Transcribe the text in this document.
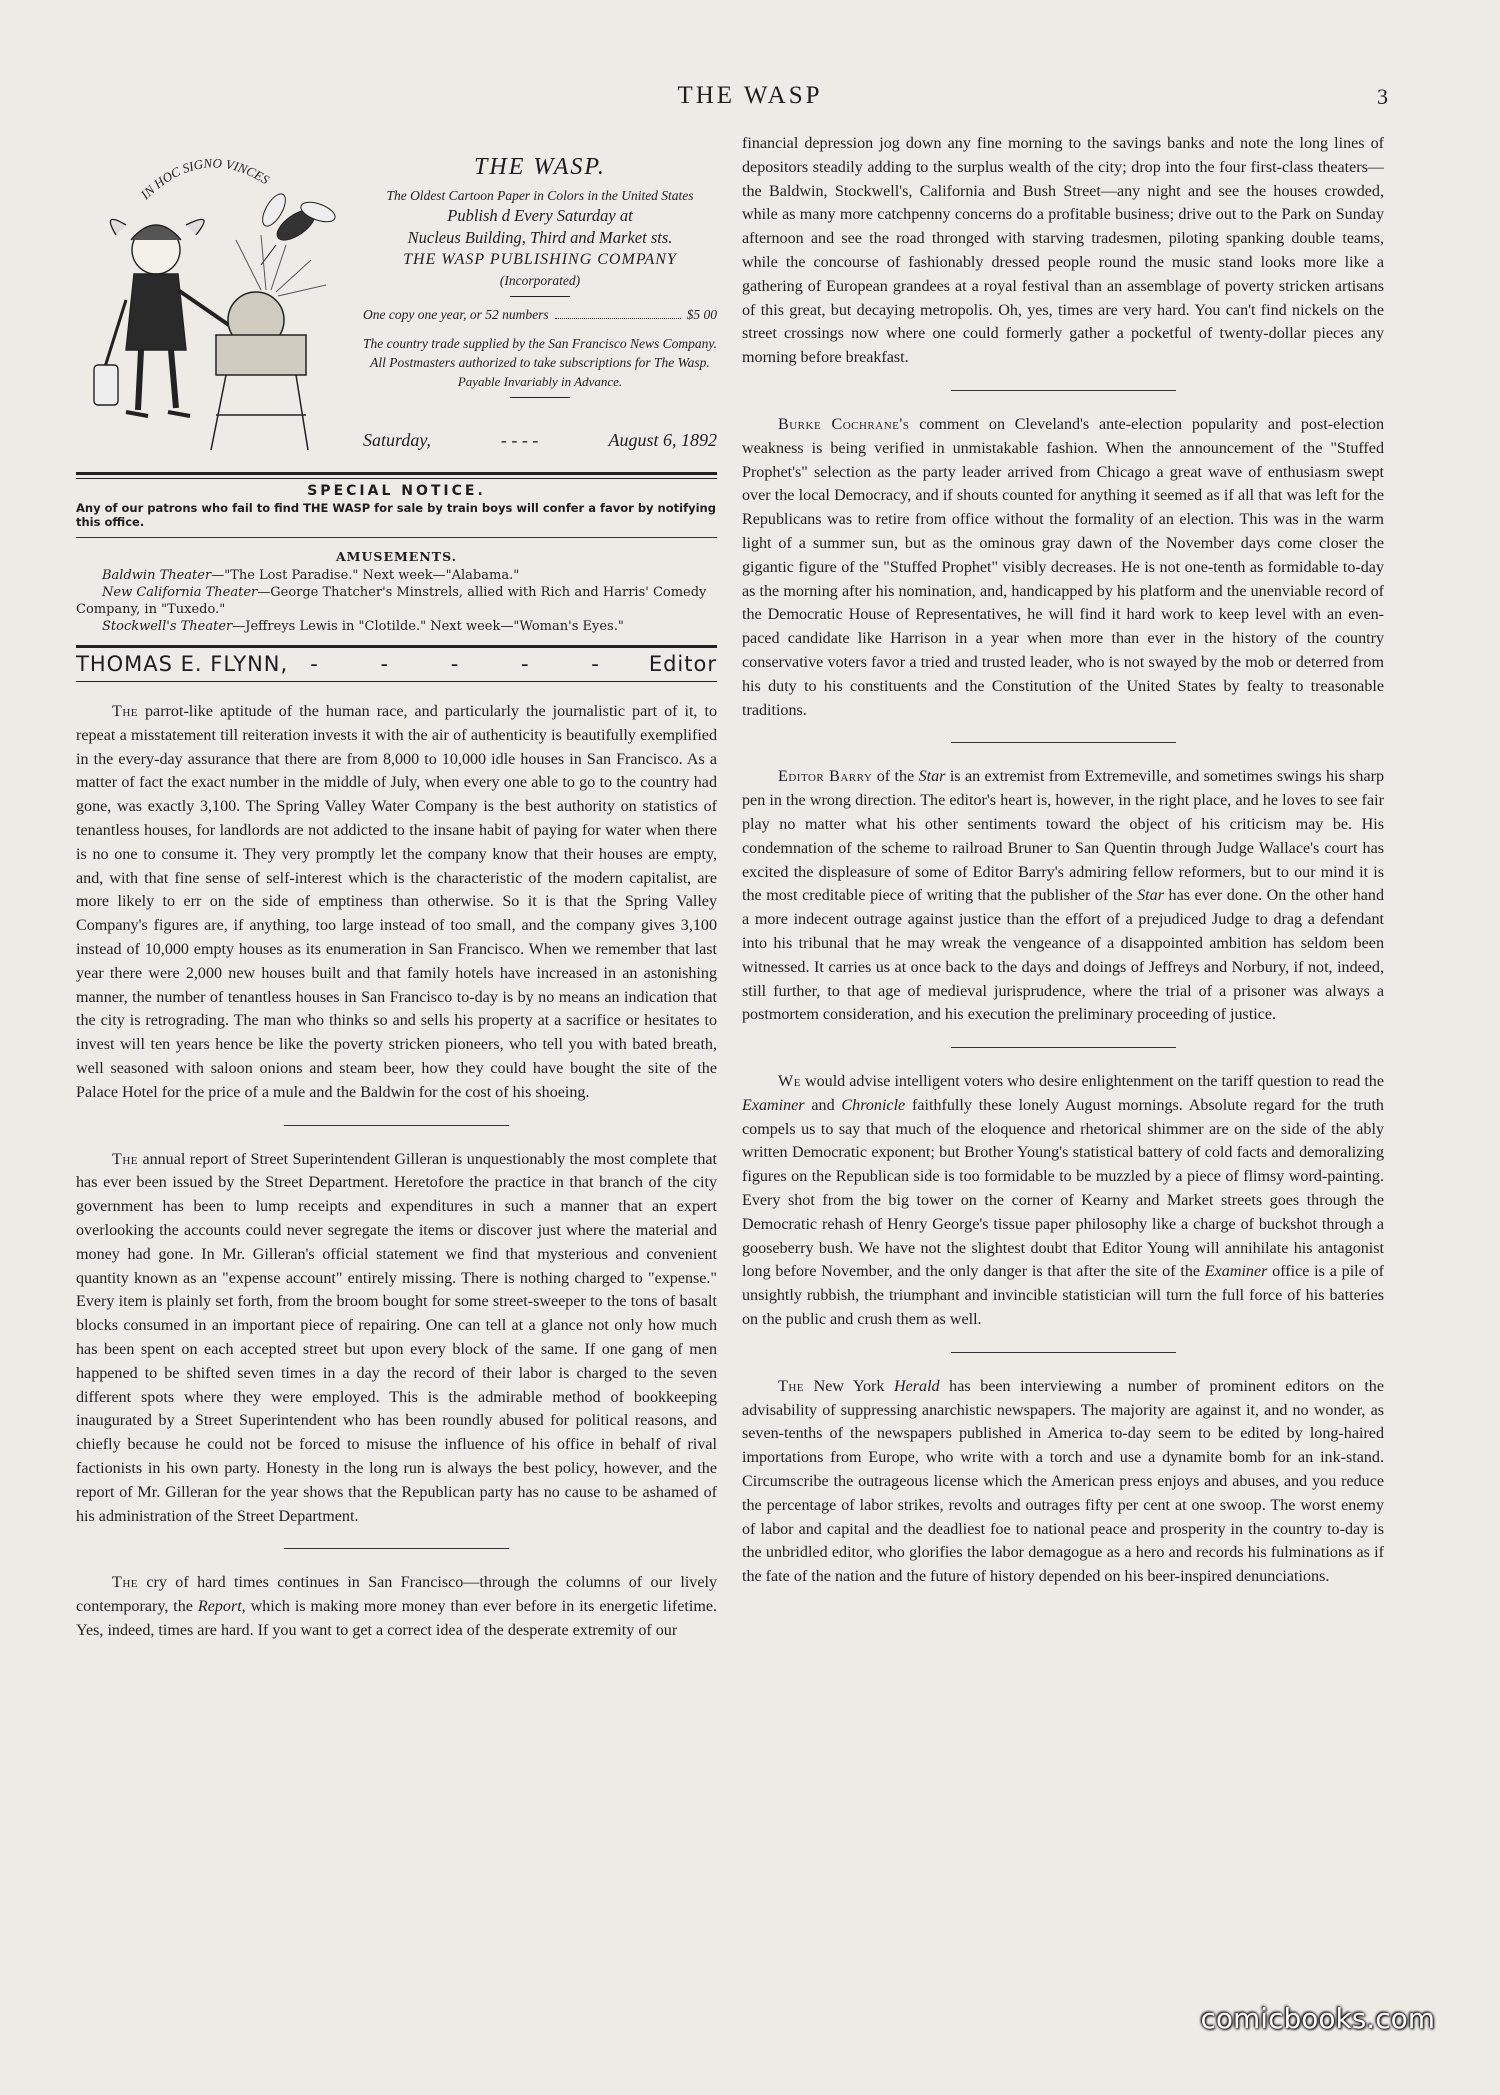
THE WASP	3
IN HOC SIGNO VINCES	THE WASP.
The Oldest Cartoon Paper in Colors in the United States
Publish d Every Saturday at
Nucleus Building, Third and Market sts.
THE WASP PUBLISHING COMPANY
(Incorporated)
One copy one year, or 52 numbers	$5 00
The country trade supplied by the San Francisco News Company. All Postmasters authorized to take subscriptions for The Wasp.
Payable Invariably in Advance.
Saturday,	- - - -	August 6, 1892
SPECIAL NOTICE.
Any of our patrons who fail to find THE WASP for sale by train boys will confer a favor by notifying this office.
AMUSEMENTS.
Baldwin Theater—"The Lost Paradise." Next week—"Alabama."
New California Theater—George Thatcher's Minstrels, allied with Rich and Harris' Comedy Company, in "Tuxedo."
Stockwell's Theater—Jeffreys Lewis in "Clotilde." Next week—"Woman's Eyes."
THOMAS E. FLYNN, - - - - - Editor

The parrot-like aptitude of the human race, and particularly the journalistic part of it, to repeat a misstatement till reiteration invests it with the air of authenticity is beautifully exemplified in the every-day assurance that there are from 8,000 to 10,000 idle houses in San Francisco. As a matter of fact the exact number in the middle of July, when every one able to go to the country had gone, was exactly 3,100. The Spring Valley Water Company is the best authority on statistics of tenantless houses, for landlords are not addicted to the insane habit of paying for water when there is no one to consume it. They very promptly let the company know that their houses are empty, and, with that fine sense of self-interest which is the characteristic of the modern capitalist, are more likely to err on the side of emptiness than otherwise. So it is that the Spring Valley Company's figures are, if anything, too large instead of too small, and the company gives 3,100 instead of 10,000 empty houses as its enumeration in San Francisco. When we remember that last year there were 2,000 new houses built and that family hotels have increased in an astonishing manner, the number of tenantless houses in San Francisco to-day is by no means an indication that the city is retrograding. The man who thinks so and sells his property at a sacrifice or hesitates to invest will ten years hence be like the poverty stricken pioneers, who tell you with bated breath, well seasoned with saloon onions and steam beer, how they could have bought the site of the Palace Hotel for the price of a mule and the Baldwin for the cost of his shoeing.

The annual report of Street Superintendent Gilleran is unquestionably the most complete that has ever been issued by the Street Department. Heretofore the practice in that branch of the city government has been to lump receipts and expenditures in such a manner that an expert overlooking the accounts could never segregate the items or discover just where the material and money had gone. In Mr. Gilleran's official statement we find that mysterious and convenient quantity known as an "expense account" entirely missing. There is nothing charged to "expense." Every item is plainly set forth, from the broom bought for some street-sweeper to the tons of basalt blocks consumed in an important piece of repairing. One can tell at a glance not only how much has been spent on each accepted street but upon every block of the same. If one gang of men happened to be shifted seven times in a day the record of their labor is charged to the seven different spots where they were employed. This is the admirable method of bookkeeping inaugurated by a Street Superintendent who has been roundly abused for political reasons, and chiefly because he could not be forced to misuse the influence of his office in behalf of rival factionists in his own party. Honesty in the long run is always the best policy, however, and the report of Mr. Gilleran for the year shows that the Republican party has no cause to be ashamed of his administration of the Street Department.

The cry of hard times continues in San Francisco—through the columns of our lively contemporary, the Report, which is making more money than ever before in its energetic lifetime. Yes, indeed, times are hard. If you want to get a correct idea of the desperate extremity of our

financial depression jog down any fine morning to the savings banks and note the long lines of depositors steadily adding to the surplus wealth of the city; drop into the four first-class theaters—the Baldwin, Stockwell's, California and Bush Street—any night and see the houses crowded, while as many more catchpenny concerns do a profitable business; drive out to the Park on Sunday afternoon and see the road thronged with starving tradesmen, piloting spanking double teams, while the concourse of fashionably dressed people round the music stand looks more like a gathering of European grandees at a royal festival than an assemblage of poverty stricken artisans of this great, but decaying metropolis. Oh, yes, times are very hard. You can't find nickels on the street crossings now where one could formerly gather a pocketful of twenty-dollar pieces any morning before breakfast.

Burke Cochrane's comment on Cleveland's ante-election popularity and post-election weakness is being verified in unmistakable fashion. When the announcement of the "Stuffed Prophet's" selection as the party leader arrived from Chicago a great wave of enthusiasm swept over the local Democracy, and if shouts counted for anything it seemed as if all that was left for the Republicans was to retire from office without the formality of an election. This was in the warm light of a summer sun, but as the ominous gray dawn of the November days come closer the gigantic figure of the "Stuffed Prophet" visibly decreases. He is not one-tenth as formidable to-day as the morning after his nomination, and, handicapped by his platform and the unenviable record of the Democratic House of Representatives, he will find it hard work to keep level with an even-paced candidate like Harrison in a year when more than ever in the history of the country conservative voters favor a tried and trusted leader, who is not swayed by the mob or deterred from his duty to his constituents and the Constitution of the United States by fealty to treasonable traditions.

Editor Barry of the Star is an extremist from Extremeville, and sometimes swings his sharp pen in the wrong direction. The editor's heart is, however, in the right place, and he loves to see fair play no matter what his other sentiments toward the object of his criticism may be. His condemnation of the scheme to railroad Bruner to San Quentin through Judge Wallace's court has excited the displeasure of some of Editor Barry's admiring fellow reformers, but to our mind it is the most creditable piece of writing that the publisher of the Star has ever done. On the other hand a more indecent outrage against justice than the effort of a prejudiced Judge to drag a defendant into his tribunal that he may wreak the vengeance of a disappointed ambition has seldom been witnessed. It carries us at once back to the days and doings of Jeffreys and Norbury, if not, indeed, still further, to that age of medieval jurisprudence, where the trial of a prisoner was always a postmortem consideration, and his execution the preliminary proceeding of justice.

We would advise intelligent voters who desire enlightenment on the tariff question to read the Examiner and Chronicle faithfully these lonely August mornings. Absolute regard for the truth compels us to say that much of the eloquence and rhetorical shimmer are on the side of the ably written Democratic exponent; but Brother Young's statistical battery of cold facts and demoralizing figures on the Republican side is too formidable to be muzzled by a piece of flimsy word-painting. Every shot from the big tower on the corner of Kearny and Market streets goes through the Democratic rehash of Henry George's tissue paper philosophy like a charge of buckshot through a gooseberry bush. We have not the slightest doubt that Editor Young will annihilate his antagonist long before November, and the only danger is that after the site of the Examiner office is a pile of unsightly rubbish, the triumphant and invincible statistician will turn the full force of his batteries on the public and crush them as well.

The New York Herald has been interviewing a number of prominent editors on the advisability of suppressing anarchistic newspapers. The majority are against it, and no wonder, as seven-tenths of the newspapers published in America to-day seem to be edited by long-haired importations from Europe, who write with a torch and use a dynamite bomb for an ink-stand. Circumscribe the outrageous license which the American press enjoys and abuses, and you reduce the percentage of labor strikes, revolts and outrages fifty per cent at one swoop. The worst enemy of labor and capital and the deadliest foe to national peace and prosperity in the country to-day is the unbridled editor, who glorifies the labor demagogue as a hero and records his fulminations as if the fate of the nation and the future of history depended on his beer-inspired denunciations.

comicbooks.com
